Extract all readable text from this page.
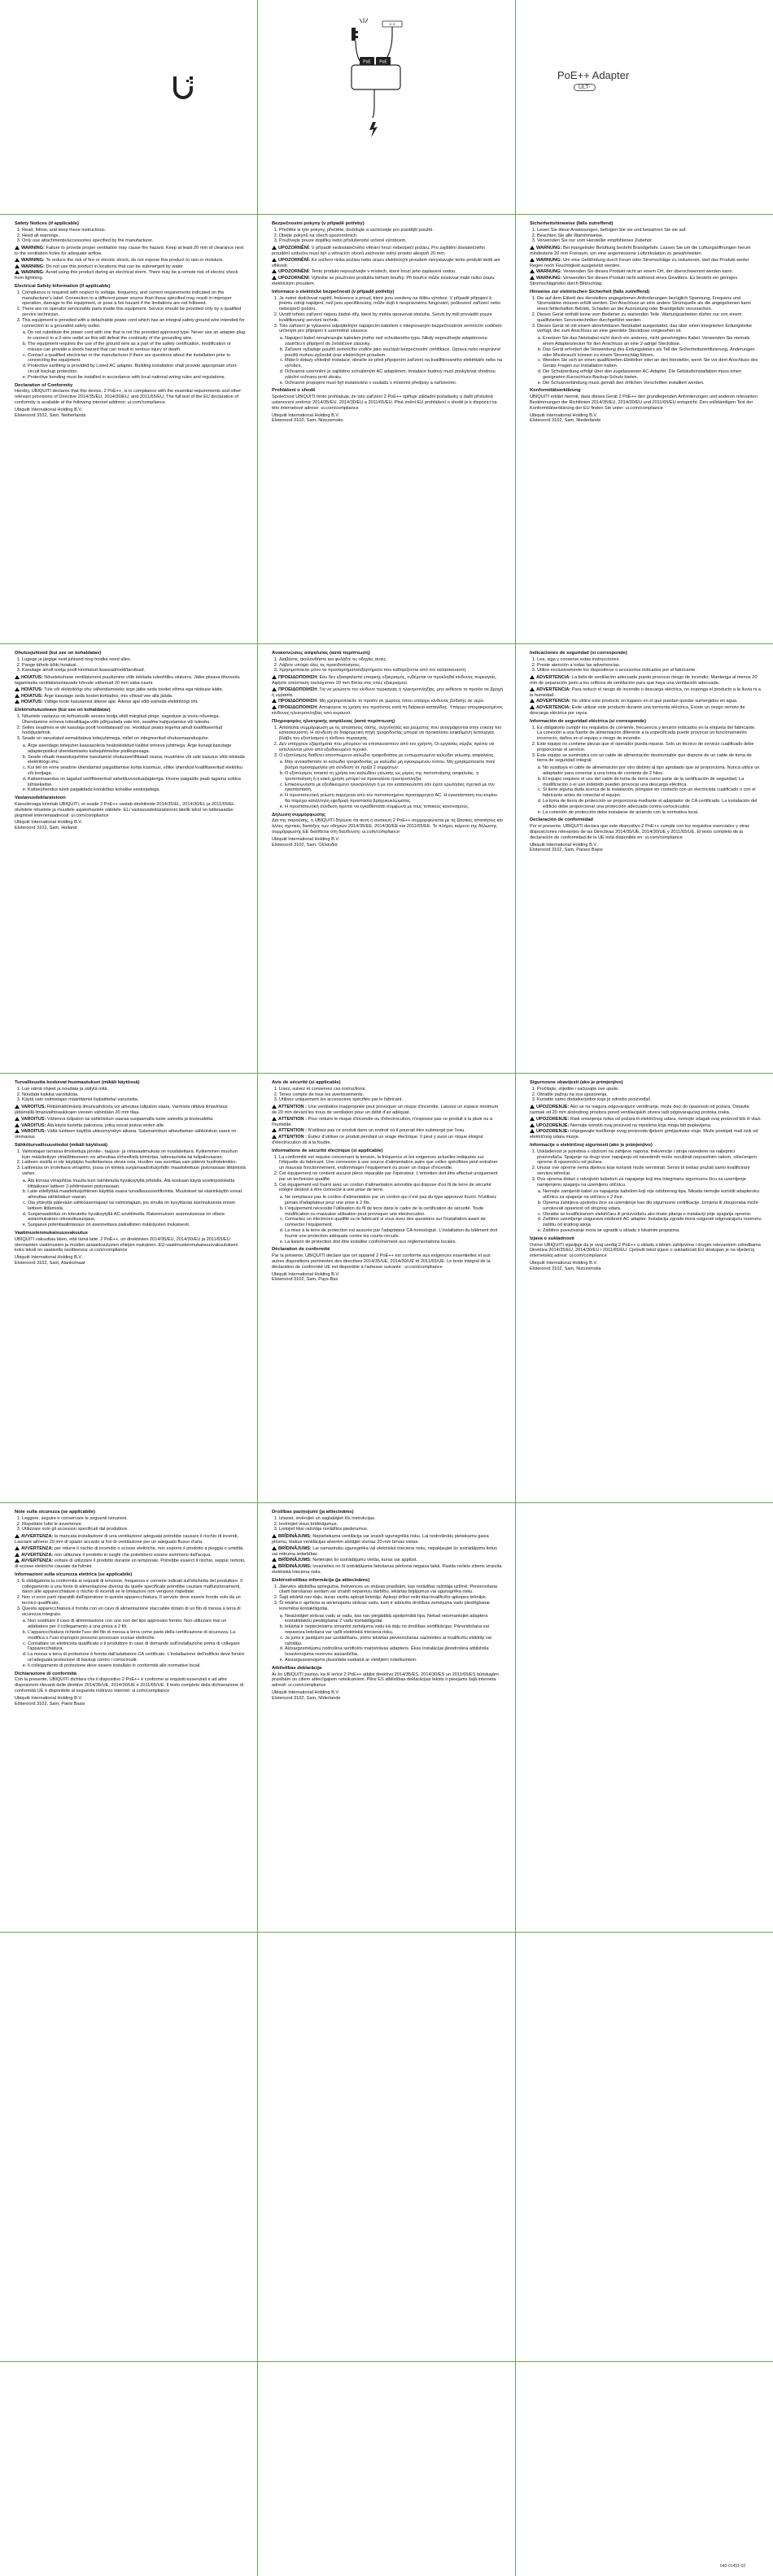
<·>
PoE PoE
PoE++ Adapter
ULT-
Safety Notices (if applicable)
1. Read, follow, and keep these instructions.
2. Heed all warnings.
3. Only use attachments/accessories specified by the manufacturer.

WARNING: Failure to provide proper ventilation may cause fire hazard. Keep at least 20 mm of clearance next to the ventilation holes for adequate airflow.

WARNING: To reduce the risk of fire or electric shock, do not expose this product to rain or moisture.

WARNING: Do not use this product in locations that can be submerged by water.

WARNING: Avoid using this product during an electrical storm. There may be a remote risk of electric shock from lightning.

Electrical Safety Information (if applicable)
1. Compliance is required with respect to voltage, frequency, and current requirements indicated on the manufacturer's label. Connection to a different power source than those specified may result in improper operation, damage to the equipment, or pose a fire hazard if the limitations are not followed.
2. There are no operator serviceable parts inside this equipment. Service should be provided only by a qualified service technician.
3. This equipment is provided with a detachable power cord which has an integral safety ground wire intended for connection to a grounded safety outlet.
a. Do not substitute the power cord with one that is not the provided approved type. Never use an adapter plug to connect to a 2-wire outlet as this will defeat the continuity of the grounding wire.
b. The equipment requires the use of the ground wire as a part of the safety certification, modification or misuse can provide a shock hazard that can result in serious injury or death.
c. Contact a qualified electrician or the manufacturer if there are questions about the installation prior to connecting the equipment.
d. Protective earthing is provided by Listed AC adapter. Building installation shall provide appropriate short-circuit backup protection.
e. Protective bonding must be installed in accordance with local national wiring rules and regulations.
Declaration of Conformity

Hereby, UBIQUITI declares that this device, 2 PoE++, is in compliance with the essential requirements and other relevant provisions of Directive 2014/35/EU, 2014/30/EU, and 2011/65/EU. The full text of the EU declaration of conformity is available at the following internet address: ui.com/compliance

Ubiquiti International Holding B.V.
Elsteroord 3102, Sam, Netherlands
Bezpečnostní pokyny (v případě potřeby)
1. Přečtěte si tyto pokyny, přečtěte, dodržujte a uschovejte pro pozdější použití.
2. Dbejte pokynů na všech upozorněních.
3. Používejte pouze doplňky nebo příslušenství určené výrobcem.

UPOZORNĚNÍ: V případě nedostatečného větrání hrozí nebezpečí požáru. Pro zajištění dostatečného proudění vzduchu musí být u větracích otvorů zachován volný prostor alespoň 20 mm.

UPOZORNĚNÍ: Ke snížení rizika požáru nebo úrazu elektrickým proudem nevystavujte tento produkt dešti ani vlhkosti.

UPOZORNĚNÍ: Tento produkt nepoužívejte v místech, které hrozí jeho zaplavení vodou.

UPOZORNĚNÍ: Vyhněte se používání produktu během bouřky. Při bouřce může existovat malé riziko úrazu elektrickým proudem.

Informace o elektrické bezpečnosti (v případě potřeby)
1. Je nutné dodržovat napětí, frekvence a proud, které jsou uvedeny na štítku výrobce. V případě připojení k jinému zdroji napájení, než jsou specifikovány, může dojít k nesprávnému fungování, poškození zařízení nebo nebezpečí požáru.
2. Uvnitř tohoto zařízení nejsou žádné díly, které by mohla opravovat obsluha. Servis by měl provádět pouze kvalifikovaný servisní technik.
3. Toto zařízení je vybaveno odpojitelným napájecím kabelem s integrovaným bezpečnostním zemnícím vodičem určeným pro připojení k uzemněné zásuvce.
a. Napájecí kabel nenahrazujte kabelem jiného než schváleného typu. Nikdy nepoužívejte adaptérovou zástrčku k připojení do 2vodičové zásuvky.
b. Zařízení vyžaduje použití zemnicího vodiče jako součásti bezpečnostní certifikace. Úprava nebo nesprávné použití mohou způsobit úraz elektrickým proudem.
c. Máte-li dotazy ohledně instalace, obraťte se před připojením zařízení na kvalifikovaného elektrikáře nebo na výrobce.
d. Ochranné uzemnění je zajištěno schváleným AC adaptérem. Instalace budovy musí poskytovat vhodnou záložní ochranu proti zkratu.
e. Ochranné propojení musí být instalováno v souladu s místními předpisy a nařízeními.
Prohlášení o shodě

Společnost UBIQUITI tímto prohlašuje, že toto zařízení 2 PoE++ splňuje základní požadavky a další příslušná ustanovení směrnic 2014/35/EU, 2014/30/EU a 2011/65/EU. Plné znění EU prohlášení o shodě je k dispozici na této internetové adrese: ui.com/compliance

Ubiquiti International Holding B.V.
Elsteroord 3102, Sam, Nizozemsko
Sicherheitshinweise (falls zutreffend)
1. Lesen Sie diese Anweisungen, befolgen Sie sie und bewahren Sie sie auf.
2. Beachten Sie alle Warnhinweise.
3. Verwenden Sie nur vom Hersteller empfohlenes Zubehör.

WARNUNG: Bei mangelnder Belüftung besteht Brandgefahr. Lassen Sie um die Lüftungsöffnungen herum mindestens 20 mm Freiraum, um eine angemessene Luftzirkulation zu gewährleisten.

WARNUNG: Um eine Gefährdung durch Feuer oder Stromschläge zu reduzieren, darf das Produkt weder Regen noch Feuchtigkeit ausgesetzt werden.

WARNUNG: Verwenden Sie dieses Produkt nicht an einem Ort, der überschwemmt werden kann.

WARNUNG: Verwenden Sie dieses Produkt nicht während eines Gewitters. Es besteht ein geringes Stromschlagrisiko durch Blitzschlag.

Hinweise zur elektrischen Sicherheit (falls zutreffend)
1. Die auf dem Etikett des Herstellers angegebenen Anforderungen bezüglich Spannung, Frequenz und Stromstärke müssen erfüllt werden. Der Anschluss an eine andere Stromquelle als die angegebenen kann einen fehlerhaften Betrieb, Schäden an der Ausrüstung oder Brandgefahr verursachen.
2. Dieses Gerät enthält keine vom Bediener zu wartenden Teile. Wartungsarbeiten dürfen nur von einem qualifizierten Servicetechniker durchgeführt werden.
3. Dieses Gerät ist mit einem abnehmbaren Netzkabel ausgestattet, das über einen integrierten Erdungsleiter verfügt, der zum Anschluss an eine geerdete Steckdose vorgesehen ist.
a. Ersetzen Sie das Netzkabel nicht durch ein anderes, nicht genehmigtes Kabel. Verwenden Sie niemals einen Adapterstecker für den Anschluss an eine 2-adrige Steckdose.
b. Das Gerät erfordert die Verwendung des Erdungsleiters als Teil der Sicherheitszertifizierung. Änderungen oder Missbrauch können zu einem Stromschlag führen.
c. Wenden Sie sich an einen qualifizierten Elektriker oder an den Hersteller, wenn Sie vor dem Anschluss des Geräts Fragen zur Installation haben.
d. Die Schutzerdung erfolgt über den zugelassenen AC-Adapter. Die Gebäudeinstallation muss einen geeigneten Kurzschluss-Backup-Schutz bieten.
e. Die Schutzverbindung muss gemäß den örtlichen Vorschriften installiert werden.
Konformitätserklärung

UBIQUITI erklärt hiermit, dass dieses Gerät 2 PoE++ den grundlegenden Anforderungen und anderen relevanten Bestimmungen der Richtlinien 2014/35/EU, 2014/30/EU und 2011/65/EU entspricht. Den vollständigen Text der Konformitätserklärung der EU finden Sie unter: ui.com/compliance

Ubiquiti International Holding B.V.
Elsteroord 3102, Sam, Niederlande
Ohutusjuhised (kui see on kohaldatav)
1. Lugege ja järgige neid juhiseid ning hoidke need alles.
2. Pange tähele kõiki hoiatusi.
3. Kasutage ainult tootja poolt kinnitatud lisaseadmeid/tarvikuid.

HOIATUS: Nõuetekohase ventilatsiooni puudumine võib tekitada tuleohtliku olukorra. Jätke piisava õhuvoolu tagamiseks ventilatsiooniavade kõrvale vähemalt 20 mm vaba ruumi.

HOIATUS: Tule või elektrilöögi ohu vähendamiseks ärge jätke seda toodet vihma ega niiskuse kätte.

HOIATUS: Ärge kasutage seda toodet kohtades, mis võivad vee alla jääda.

HOIATUS: Vältige toote kasutamist äikese ajal. Äikese ajal võib esineda elektrilöögi oht.

Elektriohutusteave (kui see on kohaldatav)
1. Nõuetele vastavus on kohustuslik seoses tootja sildil märgitud pinge, sageduse ja voolu nõuetega. Ühendamine erineva toiteallikaga võib põhjustada vale töö, seadme kahjustamise või tuleohu.
2. Selles seadmes ei ole kasutaja poolt hooldatavaid osi. Hooldust peaks tegema ainult kvalifitseeritud hooldustehnik.
3. Seade on varustatud eemaldatava toitejuhtmega, millel on integreeritud ohutusmaandusjuhe.
a. Ärge asendage toitejuhet kaasasoleva heakskiidetud tüübist erineva juhtmega. Ärge kunagi kasutage adapterpistikut ühendamiseks kahejuhtmelise pistikupesaga.
b. Seade nõuab maandusjuhtme kasutamist ohutussertifikaadi osana; muutmine või vale kasutus võib tekitada elektrilöögi ohu.
c. Kui teil on enne seadme ühendamist paigaldamise kohta küsimusi, võtke ühendust kvalifitseeritud elektriku või tootjaga.
d. Kaitsemaandus on tagatud sertifitseeritud vahelduvvooluadapteriga. Hoone paigaldis peab tagama sobiva lühisekaitse.
e. Kaitseühendus tuleb paigaldada kooskõlas kohalike eeskirjadega.
Vastavusdeklaratsioon

Käesolevaga kinnitab UBIQUITI, et seade 2 PoE++ vastab direktiivide 2014/35/EL, 2014/30/EL ja 2011/65/EL olulistele nõuetele ja muudele asjakohastele sätetele. ELi vastavusdeklaratsiooni täielik tekst on kättesaadav järgmisel internetiaadressil: ui.com/compliance

Ubiquiti International Holding B.V.
Elsteroord 3102, Sam, Holland
Ανακοινώσεις ασφαλείας (κατά περίπτωση)
1. Διαβάστε, ακολουθήστε και φυλάξτε τις οδηγίες αυτές.
2. Λάβετε υπόψη όλες τις προειδοποιήσεις.
3. Χρησιμοποιείτε μόνο τα προσαρτήματα/εξαρτήματα που καθορίζονται από τον κατασκευαστή.

ΠΡΟΕΙΔΟΠΟΙΗΣΗ: Εάν δεν εξασφαλιστεί επαρκής εξαερισμός, ενδέχεται να προκληθεί κίνδυνος πυρκαγιάς. Αφήστε απόσταση τουλάχιστον 20 mm δίπλα στις οπές εξαερισμού.

ΠΡΟΕΙΔΟΠΟΙΗΣΗ: Για να μειώσετε τον κίνδυνο πυρκαγιάς ή ηλεκτροπληξίας, μην εκθέτετε το προϊόν σε βροχή ή υγρασία.

ΠΡΟΕΙΔΟΠΟΙΗΣΗ: Μη χρησιμοποιείτε το προϊόν σε χώρους όπου υπάρχει κίνδυνος βύθισης σε νερό.

ΠΡΟΕΙΔΟΠΟΙΗΣΗ: Αποφύγετε τη χρήση του προϊόντος κατά τη διάρκεια καταιγίδας. Υπάρχει απομακρυσμένος κίνδυνος ηλεκτροπληξίας από κεραυνό.

Πληροφορίες ηλεκτρικής ασφάλειας (κατά περίπτωση)
1. Απαιτείται συμμόρφωση με τις απαιτήσεις τάσης, συχνότητας και ρεύματος που αναγράφονται στην ετικέτα του κατασκευαστή. Η σύνδεση σε διαφορετική πηγή τροφοδοσίας μπορεί να προκαλέσει εσφαλμένη λειτουργία, βλάβη του εξοπλισμού ή κίνδυνο πυρκαγιάς.
2. Δεν υπάρχουν εξαρτήματα που μπορούν να επισκευαστούν από τον χρήστη. Οι εργασίες σέρβις πρέπει να εκτελούνται μόνο από εξειδικευμένο τεχνικό.
3. Ο εξοπλισμός διαθέτει αποσπώμενο καλώδιο τροφοδοσίας με ενσωματωμένο καλώδιο γείωσης ασφαλείας.
a. Μην αντικαθιστάτε το καλώδιο τροφοδοσίας με καλώδιο μη εγκεκριμένου τύπου. Μη χρησιμοποιείτε ποτέ βύσμα προσαρμογέα για σύνδεση σε πρίζα 2 συρμάτων.
b. Ο εξοπλισμός απαιτεί τη χρήση του καλωδίου γείωσης ως μέρος της πιστοποίησης ασφαλείας· η τροποποίηση ή η κακή χρήση μπορεί να προκαλέσει ηλεκτροπληξία.
c. Επικοινωνήστε με εξειδικευμένο ηλεκτρολόγο ή με τον κατασκευαστή εάν έχετε ερωτήσεις σχετικά με την εγκατάσταση.
d. Η προστατευτική γείωση παρέχεται από τον πιστοποιημένο προσαρμογέα AC. Η εγκατάσταση του κτιρίου θα παρέχει κατάλληλη εφεδρική προστασία βραχυκυκλώματος.
e. Η προστατευτική σύνδεση πρέπει να εγκαθίσταται σύμφωνα με τους τοπικούς κανονισμούς.
Δήλωση συμμόρφωσης

Δια της παρούσης, η UBIQUITI δηλώνει ότι αυτή η συσκευή 2 PoE++ συμμορφώνεται με τις βασικές απαιτήσεις και άλλες σχετικές διατάξεις των οδηγιών 2014/35/ΕΕ, 2014/30/ΕΕ και 2011/65/ΕΕ. Το πλήρες κείμενο της δήλωσης συμμόρφωσης ΕΕ διατίθεται στη διεύθυνση: ui.com/compliance

Ubiquiti International Holding B.V.
Elsteroord 3102, Sam, Ολλανδία
Indicaciones de seguridad (si corresponde)
1. Lea, siga y conserve estas instrucciones.
2. Preste atención a todas las advertencias.
3. Utilice exclusivamente los dispositivos o accesorios indicados por el fabricante.

ADVERTENCIA: La falta de ventilación adecuada puede provocar riesgo de incendio. Mantenga al menos 20 mm de separación junto a los orificios de ventilación para que haya una ventilación adecuada.

ADVERTENCIA: Para reducir el riesgo de incendio o descarga eléctrica, no exponga el producto a la lluvia ni a la humedad.

ADVERTENCIA: No utilice este producto en lugares en el que puedan quedar sumergidos en agua.

ADVERTENCIA: Evite utilizar este producto durante una tormenta eléctrica. Existe un riesgo remoto de descarga eléctrica por rayos.

Información de seguridad eléctrica (si corresponde)
1. Es obligatorio cumplir los requisitos de corriente, frecuencia y tensión indicados en la etiqueta del fabricante. La conexión a una fuente de alimentación diferente a la especificada puede provocar un funcionamiento incorrecto, daños en el equipo o riesgo de incendio.
2. Este equipo no contiene piezas que el operador pueda reparar. Solo un técnico de servicio cualificado debe proporcionar el servicio.
3. Este equipo se suministra con un cable de alimentación desmontable que dispone de un cable de toma de tierra de seguridad integral.
a. No sustituya el cable de alimentación por otro distinto al tipo aprobado que se proporciona. Nunca utilice un adaptador para conectar a una toma de corriente de 2 hilos.
b. El equipo requiere el uso del cable de toma de tierra como parte de la certificación de seguridad. La modificación o el uso indebido pueden provocar una descarga eléctrica.
c. Si tiene alguna duda acerca de la instalación, póngase en contacto con un electricista cualificado o con el fabricante antes de conectar el equipo.
d. La toma de tierra de protección se proporciona mediante el adaptador de CA certificado. La instalación del edificio debe proporcionar una protección adecuada contra cortocircuitos.
e. La conexión de protección debe instalarse de acuerdo con la normativa local.
Declaración de conformidad

Por el presente, UBIQUITI declara que este dispositivo 2 PoE++ cumple con los requisitos esenciales y otras disposiciones relevantes de las Directivas 2014/35/UE, 2014/30/UE y 2011/65/UE. El texto completo de la declaración de conformidad de la UE está disponible en: ui.com/compliance

Ubiquiti International Holding B.V.
Elsteroord 3102, Sam, Países Bajos
Turvallisuutta koskevat huomautukset (mikäli käytössä)
1. Lue nämä ohjeet ja noudata ja säilytä niitä.
2. Noudata kaikkia varoituksia.
3. Käytä vain valmistajan määrittämiä lisälaitteita/-varusteita.

VAROITUS: Riittämättömästä ilmanvaihdosta voi aiheutua tulipalon vaara. Varmista riittävä ilmavirtaus jättämällä ilmanvaihtoaukkojen viereen vähintään 20 mm tilaa.

VAROITUS: Vähennä tulipalon tai sähköiskun vaaraa suojaamalla tuote sateelta ja kosteudelta.

VAROITUS: Älä käytä tuotetta paikoissa, jotka voivat joutua veden alle.

VAROITUS: Vältä tuotteen käyttöä ukkosmyrskyn aikana. Salamaniskun aiheuttaman sähköiskun vaara on olemassa.

Sähköturvallisuustiedot (mikäli käytössä)
1. Valmistajan tarrassa ilmoitettuja jännite-, taajuus- ja virtavaatimuksia on noudatettava. Kytkeminen muuhun kuin määritettyyn virtalähteeseen voi aiheuttaa virheellistä toimintaa, laitevaurioita tai tulipalovaaran.
2. Laitteen sisällä ei ole käyttäjän huollettavissa olevia osia. Huollon saa suorittaa vain pätevä huoltoteknikko.
3. Laitteessa on irrotettava virtajohto, jossa on kiinteä suojamaadoitusjohdin maadoitettuun pistorasiaan liittämistä varten.
a. Älä korvaa virtajohtoa muulla kuin toimitetulla hyväksytyllä johdolla. Älä koskaan käytä sovitinpistoketta liittääksesi laitteen 2-johtimiseen pistorasiaan.
b. Laite edellyttää maadoitusjohtimen käyttöä osana turvallisuussertifiointia. Muutokset tai väärinkäyttö voivat aiheuttaa sähköiskun vaaran.
c. Ota yhteyttä pätevään sähköasentajaan tai valmistajaan, jos sinulla on kysyttävää asennuksesta ennen laitteen liittämistä.
d. Suojamaadoitus on toteutettu hyväksytyllä AC-sovittimella. Rakennuksen asennuksessa on oltava asianmukainen oikosulkusuojaus.
e. Suojaava potentiaalintasaus on asennettava paikallisten määräysten mukaisesti.
Vaatimustenmukaisuusvakuutus

UBIQUITI vakuuttaa täten, että tämä laite, 2 PoE++, on direktiivien 2014/35/EU, 2014/30/EU ja 2011/65/EU olennaisten vaatimusten ja muiden asiaankuuluvien ehtojen mukainen. EU-vaatimustenmukaisuusvakuutuksen koko teksti on saatavilla osoitteessa: ui.com/compliance

Ubiquiti International Holding B.V.
Elsteroord 3102, Sam, Alankomaat
Avis de sécurité (si applicable)
1. Lisez, suivez et conservez ces instructions.
2. Tenez compte de tous les avertissements.
3. Utilisez uniquement les accessoires spécifiés par le fabricant.

ATTENTION : Une ventilation inappropriée peut provoquer un risque d'incendie. Laissez un espace minimum de 20 mm devant les trous de ventilation pour un débit d'air adéquat.

ATTENTION : Pour réduire le risque d'incendie ou d'électrocution, n'exposez pas ce produit à la pluie ou à l'humidité.

ATTENTION : N'utilisez pas ce produit dans un endroit où il pourrait être submergé par l'eau.

ATTENTION : Évitez d'utiliser ce produit pendant un orage électrique. Il peut y avoir un risque éloigné d'électrocution dû à la foudre.

Informations de sécurité électrique (si applicable)
1. La conformité est requise concernant la tension, la fréquence et les exigences actuelles indiquées sur l'étiquette du fabricant. Une connexion à une source d'alimentation autre que celles spécifiées peut entraîner un mauvais fonctionnement, endommager l'équipement ou poser un risque d'incendie.
2. Cet équipement ne contient aucune pièce réparable par l'opérateur. L'entretien doit être effectué uniquement par un technicien qualifié.
3. Cet équipement est fourni avec un cordon d'alimentation amovible qui dispose d'un fil de terre de sécurité intégré destiné à être connecté à une prise de terre.
a. Ne remplacez pas le cordon d'alimentation par un cordon qui n'est pas du type approuvé fourni. N'utilisez jamais d'adaptateur pour une prise à 2 fils.
b. L'équipement nécessite l'utilisation du fil de terre dans le cadre de la certification de sécurité. Toute modification ou mauvaise utilisation peut provoquer une électrocution.
c. Contactez un électricien qualifié ou le fabricant si vous avez des questions sur l'installation avant de connecter l'équipement.
d. La mise à la terre de protection est assurée par l'adaptateur CA homologué. L'installation du bâtiment doit fournir une protection adéquate contre les courts-circuits.
e. La liaison de protection doit être installée conformément aux réglementations locales.
Déclaration de conformité

Par la présente, UBIQUITI déclare que cet appareil 2 PoE++ est conforme aux exigences essentielles et aux autres dispositions pertinentes des directives 2014/35/UE, 2014/30/UE et 2011/65/UE. Le texte intégral de la déclaration de conformité UE est disponible à l'adresse suivante : ui.com/compliance

Ubiquiti International Holding B.V.
Elsteroord 3102, Sam, Pays-Bas
Sigurnosne obavijesti (ako je primjenjivo)
1. Pročitajte, slijedite i sačuvajte ove upute.
2. Obratite pažnju na sva upozorenja.
3. Koristite samo dodatke/pribor koje je odredio proizvođač.

UPOZORENJE: Ako se ne osigura odgovarajuće ventiliranje, može doći do opasnosti od požara. Ostavite razmak od 20 mm slobodnog prostora pored ventilacijskih otvora radi odgovarajućeg protoka zraka.

UPOZORENJE: Radi smanjenja rizika od požara ili električnog udara, nemojte izlagati ovaj proizvod kiši ili vlazi.

UPOZORENJE: Nemojte koristiti ovaj proizvod na mjestima koja mogu biti poplavljena.

UPOZORENJE: Izbjegavajte korištenje ovog proizvoda tijekom grmljavinske oluje. Može postojati mali rizik od električnog udara munje.

Informacije o električnoj sigurnosti (ako je primjenjivo)
1. Usklađenost je potrebna s obzirom na zahtjeve napona, frekvencije i struje navedene na naljepnici proizvođača. Spajanje na drugi izvor napajanja od navedenih može rezultirati nepravilnim radom, oštećenjem opreme ili opasnošću od požara.
2. Unutar ove opreme nema dijelova koje korisnik može servisirati. Servis bi trebao pružati samo kvalificirani servisni tehničar.
3. Ova oprema dolazi s odvojivim kabelom za napajanje koji ima integriranu sigurnosnu žicu za uzemljenje namijenjenu spajanju na uzemljenu utičnicu.
a. Nemojte zamijeniti kabel za napajanje kabelom koji nije odobrenog tipa. Nikada nemojte koristiti adaptersku utičnicu za spajanje na utičnicu s 2 žice.
b. Oprema zahtijeva upotrebu žice za uzemljenje kao dio sigurnosne certifikacije. Izmjena ili zlouporaba može uzrokovati opasnost od strujnog udara.
c. Obratite se kvalificiranom električaru ili proizvođaču ako imate pitanja o instalaciji prije spajanja opreme.
d. Zaštitno uzemljenje osigurava odobreni AC adapter. Instalacija zgrade mora osigurati odgovarajuću rezervnu zaštitu od kratkog spoja.
e. Zaštitno povezivanje mora se ugraditi u skladu s lokalnim propisima.
Izjava o sukladnosti

Ovime UBIQUITI izjavljuje da je ovaj uređaj 2 PoE++ u skladu s bitnim zahtjevima i drugim relevantnim odredbama Direktiva 2014/35/EU, 2014/30/EU i 2011/65/EU. Cjeloviti tekst izjave o sukladnosti EU dostupan je na sljedećoj internetskoj adresi: ui.com/compliance

Ubiquiti International Holding B.V.
Elsteroord 3102, Sam, Nizozemska
Note sulla sicurezza (se applicabile)
1. Leggere, seguire e conservare le seguenti istruzioni.
2. Rispettare tutte le avvertenze.
3. Utilizzare solo gli accessori specificati dal produttore.

AVVERTENZA: la mancata installazione di una ventilazione adeguata potrebbe causare il rischio di incendi. Lasciare almeno 20 mm di spazio accanto ai fori di ventilazione per un adeguato flusso d'aria.

AVVERTENZA: per ridurre il rischio di incendio o scosse elettriche, non esporre il prodotto a pioggia o umidità.

AVVERTENZA: non utilizzare il prodotto in luoghi che potrebbero essere sommersi dall'acqua.

AVVERTENZA: evitare di utilizzare il prodotto durante un temporale. Potrebbe esserci il rischio, seppur remoto, di scosse elettriche causate da fulmini.

Informazioni sulla sicurezza elettrica (se applicabile)
1. È obbligatoria la conformità ai requisiti di tensione, frequenza e corrente indicati sull'etichetta del produttore. Il collegamento a una fonte di alimentazione diversa da quelle specificate potrebbe causare malfunzionamenti, danni alle apparecchiature o rischio di incendi se le limitazioni non vengono rispettate.
2. Non vi sono parti riparabili dall'operatore in questa apparecchiatura. Il servizio deve essere fornito solo da un tecnico qualificato.
3. Questa apparecchiatura è fornita con un cavo di alimentazione staccabile dotato di un filo di messa a terra di sicurezza integrato.
a. Non sostituire il cavo di alimentazione con uno non del tipo approvato fornito. Non utilizzare mai un adattatore per il collegamento a una presa a 2 fili.
b. L'apparecchiatura richiede l'uso del filo di messa a terra come parte della certificazione di sicurezza. La modifica o l'uso improprio possono provocare scosse elettriche.
c. Contattare un elettricista qualificato o il produttore in caso di domande sull'installazione prima di collegare l'apparecchiatura.
d. La messa a terra di protezione è fornita dall'adattatore CA certificato. L'installazione dell'edificio deve fornire un'adeguata protezione di backup contro i cortocircuiti.
e. Il collegamento di protezione deve essere installato in conformità alle normative locali.
Dichiarazione di conformità

Con la presente, UBIQUITI dichiara che il dispositivo 2 PoE++ è conforme ai requisiti essenziali e ad altre disposizioni rilevanti delle direttive 2014/35/UE, 2014/30/UE e 2011/65/UE. Il testo completo della dichiarazione di conformità UE è disponibile al seguente indirizzo internet: ui.com/compliance

Ubiquiti International Holding B.V.
Elsteroord 3102, Sam, Paesi Bassi
Drošības paziņojumi (ja attiecināms)
1. Izlasiet, ievērojiet un saglabājiet šīs instrukcijas.
2. Ievērojiet visus brīdinājumus.
3. Lietojiet tikai ražotāja norādītos piederumus.

BRĪDINĀJUMS: Nepietiekama ventilācija var izraisīt ugunsgrēka risku. Lai nodrošinātu pietiekamu gaisa plūsmu, blakus ventilācijas atverēm atstājiet vismaz 20 mm brīvas vietas.

BRĪDINĀJUMS: Lai samazinātu ugunsgrēka vai elektriskā trieciena risku, nepakļaujiet šo izstrādājumu lietus vai mitruma iedarbībai.

BRĪDINĀJUMS: Nelietojiet šo izstrādājumu vietās, kuras var applūst.

BRĪDINĀJUMS: Izvairieties no šī izstrādājuma lietošanas pērkona negaisa laikā. Pastāv neliels zibens izraisīta elektriskā trieciena risks.

Elektrodrošības informācija (ja attiecināms)
1. Jāievēro atbilstība sprieguma, frekvences un strāvas prasībām, kas norādītas ražotāja uzlīmē. Pievienošana citam barošanas avotam var izraisīt nepareizu darbību, iekārtas bojājumus vai ugunsgrēka risku.
2. Šajā iekārtā nav daļu, kuras varētu apkopt lietotājs. Apkopi drīkst veikt tikai kvalificēts apkopes tehniķis.
3. Šī iekārta ir aprīkota ar atvienojamu strāvas vadu, kam ir iebūvēts drošības zemējuma vads pieslēgšanai iezemētai kontaktligzdai.
a. Neaizstājiet strāvas vadu ar vadu, kas nav piegādātā apstiprinātā tipa. Nekad neizmantojiet adaptera kontaktdakšu pieslēgšanai 2 vadu kontaktligzdai.
b. Iekārtai ir nepieciešams izmantot zemējuma vadu kā daļu no drošības sertifikācijas. Pārveidošana vai nepareiza lietošana var radīt elektriskā trieciena risku.
c. Ja jums ir jautājumi par uzstādīšanu, pirms iekārtas pievienošanas sazinieties ar kvalificētu elektriķi vai ražotāju.
d. Aizsargzemējumu nodrošina sertificēts maiņstrāvas adapteris. Ēkas instalācijai jānodrošina atbilstoša īssavienojuma rezerves aizsardzība.
e. Aizsargsavienojums jāuzstāda saskaņā ar vietējiem noteikumiem.
Atbilstības deklarācija

Ar šo UBIQUITI paziņo, ka šī ierīce 2 PoE++ atbilst direktīvu 2014/35/ES, 2014/30/ES un 2011/65/ES būtiskajām prasībām un citiem attiecīgajiem noteikumiem. Pilns ES atbilstības deklarācijas teksts ir pieejams šajā interneta adresē: ui.com/compliance

Ubiquiti International Holding B.V.
Elsteroord 3102, Sam, Nīderlande
640-01451-02
